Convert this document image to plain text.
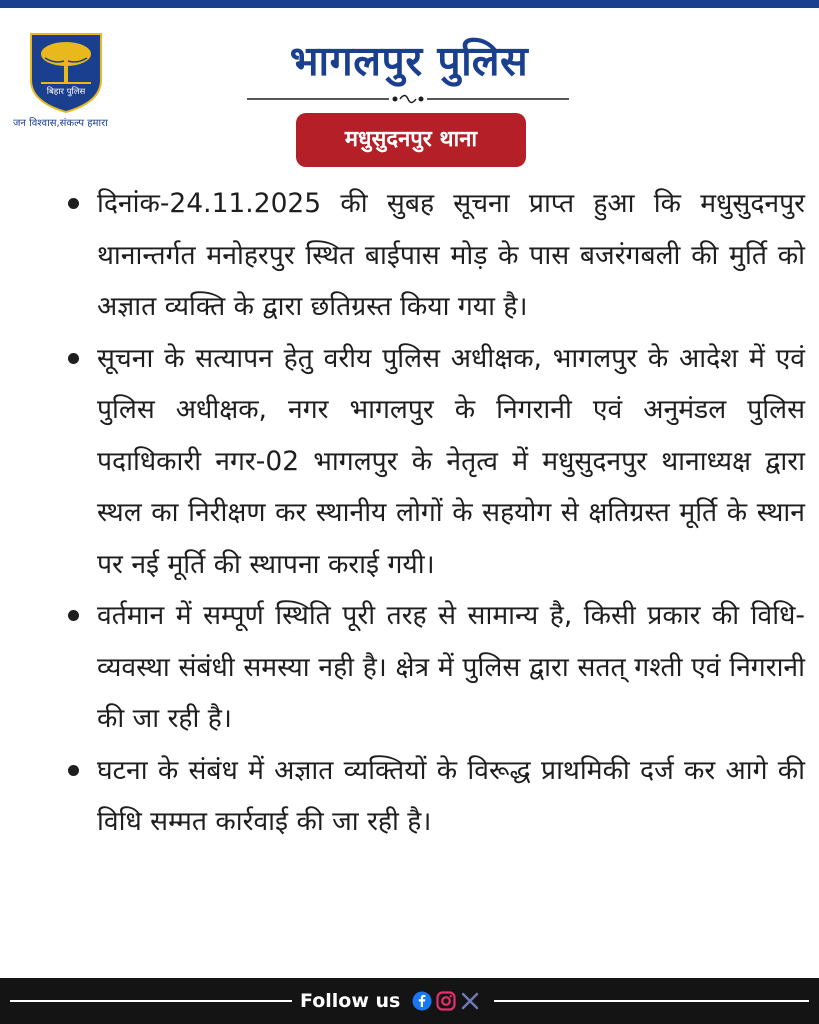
बिहार पुलिस
जन विश्वास,संकल्प हमारा
भागलपुर पुलिस
मधुसुदनपुर थाना
दिनांक-24.11.2025 की सुबह सूचना प्राप्त हुआ कि मधुसुदनपुर थानान्तर्गत मनोहरपुर स्थित बाईपास मोड़ के पास बजरंगबली की मुर्ति को अज्ञात व्यक्ति के द्वारा छतिग्रस्त किया गया है।
सूचना के सत्यापन हेतु वरीय पुलिस अधीक्षक, भागलपुर के आदेश में एवं पुलिस अधीक्षक, नगर भागलपुर के निगरानी एवं अनुमंडल पुलिस पदाधिकारी नगर-02 भागलपुर के नेतृत्व में मधुसुदनपुर थानाध्यक्ष द्वारा स्थल का निरीक्षण कर स्थानीय लोगों के सहयोग से क्षतिग्रस्त मूर्ति के स्थान पर नई मूर्ति की स्थापना कराई गयी।
वर्तमान में सम्पूर्ण स्थिति पूरी तरह से सामान्य है, किसी प्रकार की विधि-व्यवस्था संबंधी समस्या नही है। क्षेत्र में पुलिस द्वारा सतत् गश्ती एवं निगरानी की जा रही है।
घटना के संबंध में अज्ञात व्यक्तियों के विरूद्ध प्राथमिकी दर्ज कर आगे की विधि सम्मत कार्रवाई की जा रही है।
Follow us
